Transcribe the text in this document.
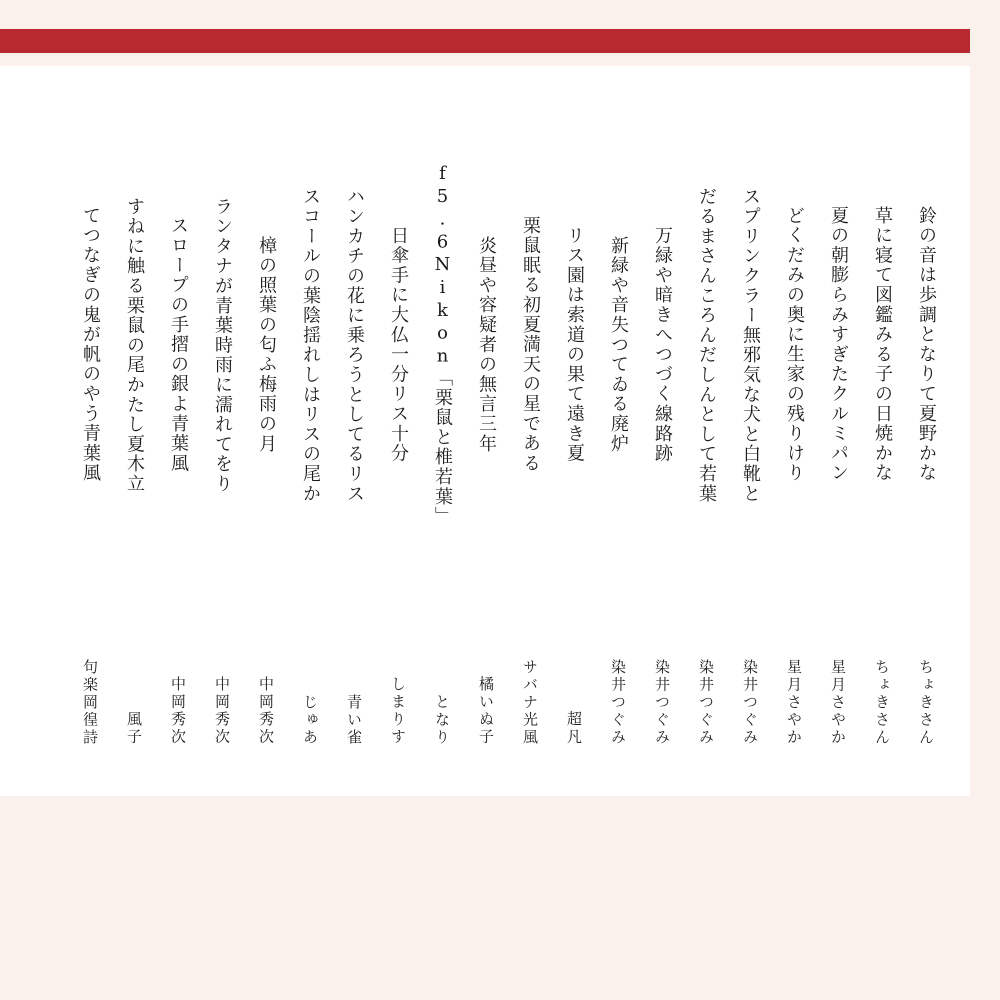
鈴の音は歩調となりて夏野かな
ちょきさん
草に寝て図鑑みる子の日焼かな
ちょきさん
夏の朝膨らみすぎたクルミパン
星月さやか
どくだみの奥に生家の残りけり
星月さやか
スプリンクラー無邪気な犬と白靴と
染井つぐみ
だるまさんころんだしんとして若葉
染井つぐみ
万緑や暗きへつづく線路跡
染井つぐみ
新緑や音失つてゐる廃炉
染井つぐみ
リス園は索道の果て遠き夏
超凡
栗鼠眠る初夏満天の星である
サバナ光風
炎昼や容疑者の無言三年
橘いぬ子
f5.6Nikon「栗鼠と椎若葉」
となり
日傘手に大仏一分リス十分
しまりす
ハンカチの花に乗ろうとしてるリス
青い雀
スコールの葉陰揺れしはリスの尾か
じゅあ
樟の照葉の匂ふ梅雨の月
中岡秀次
ランタナが青葉時雨に濡れてをり
中岡秀次
スロープの手摺の銀よ青葉風
中岡秀次
すねに触る栗鼠の尾かたし夏木立
風子
てつなぎの鬼が帆のやう青葉風
句楽岡徨詩
